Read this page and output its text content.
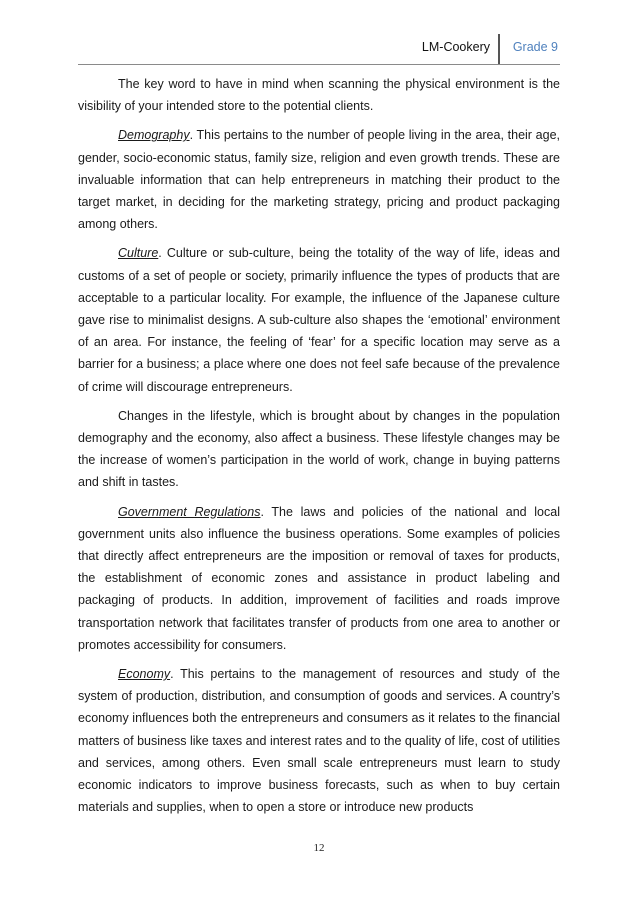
LM-Cookery Grade 9

The key word to have in mind when scanning the physical environment is the visibility of your intended store to the potential clients.

Demography. This pertains to the number of people living in the area, their age, gender, socio-economic status, family size, religion and even growth trends. These are invaluable information that can help entrepreneurs in matching their product to the target market, in deciding for the marketing strategy, pricing and product packaging among others.

Culture. Culture or sub-culture, being the totality of the way of life, ideas and customs of a set of people or society, primarily influence the types of products that are acceptable to a particular locality. For example, the influence of the Japanese culture gave rise to minimalist designs. A sub-culture also shapes the ‘emotional’ environment of an area. For instance, the feeling of ‘fear’ for a specific location may serve as a barrier for a business; a place where one does not feel safe because of the prevalence of crime will discourage entrepreneurs.

Changes in the lifestyle, which is brought about by changes in the population demography and the economy, also affect a business. These lifestyle changes may be the increase of women’s participation in the world of work, change in buying patterns and shift in tastes.

Government Regulations. The laws and policies of the national and local government units also influence the business operations. Some examples of policies that directly affect entrepreneurs are the imposition or removal of taxes for products, the establishment of economic zones and assistance in product labeling and packaging of products. In addition, improvement of facilities and roads improve transportation network that facilitates transfer of products from one area to another or promotes accessibility for consumers.

Economy. This pertains to the management of resources and study of the system of production, distribution, and consumption of goods and services. A country’s economy influences both the entrepreneurs and consumers as it relates to the financial matters of business like taxes and interest rates and to the quality of life, cost of utilities and services, among others. Even small scale entrepreneurs must learn to study economic indicators to improve business forecasts, such as when to buy certain materials and supplies, when to open a store or introduce new products

12
